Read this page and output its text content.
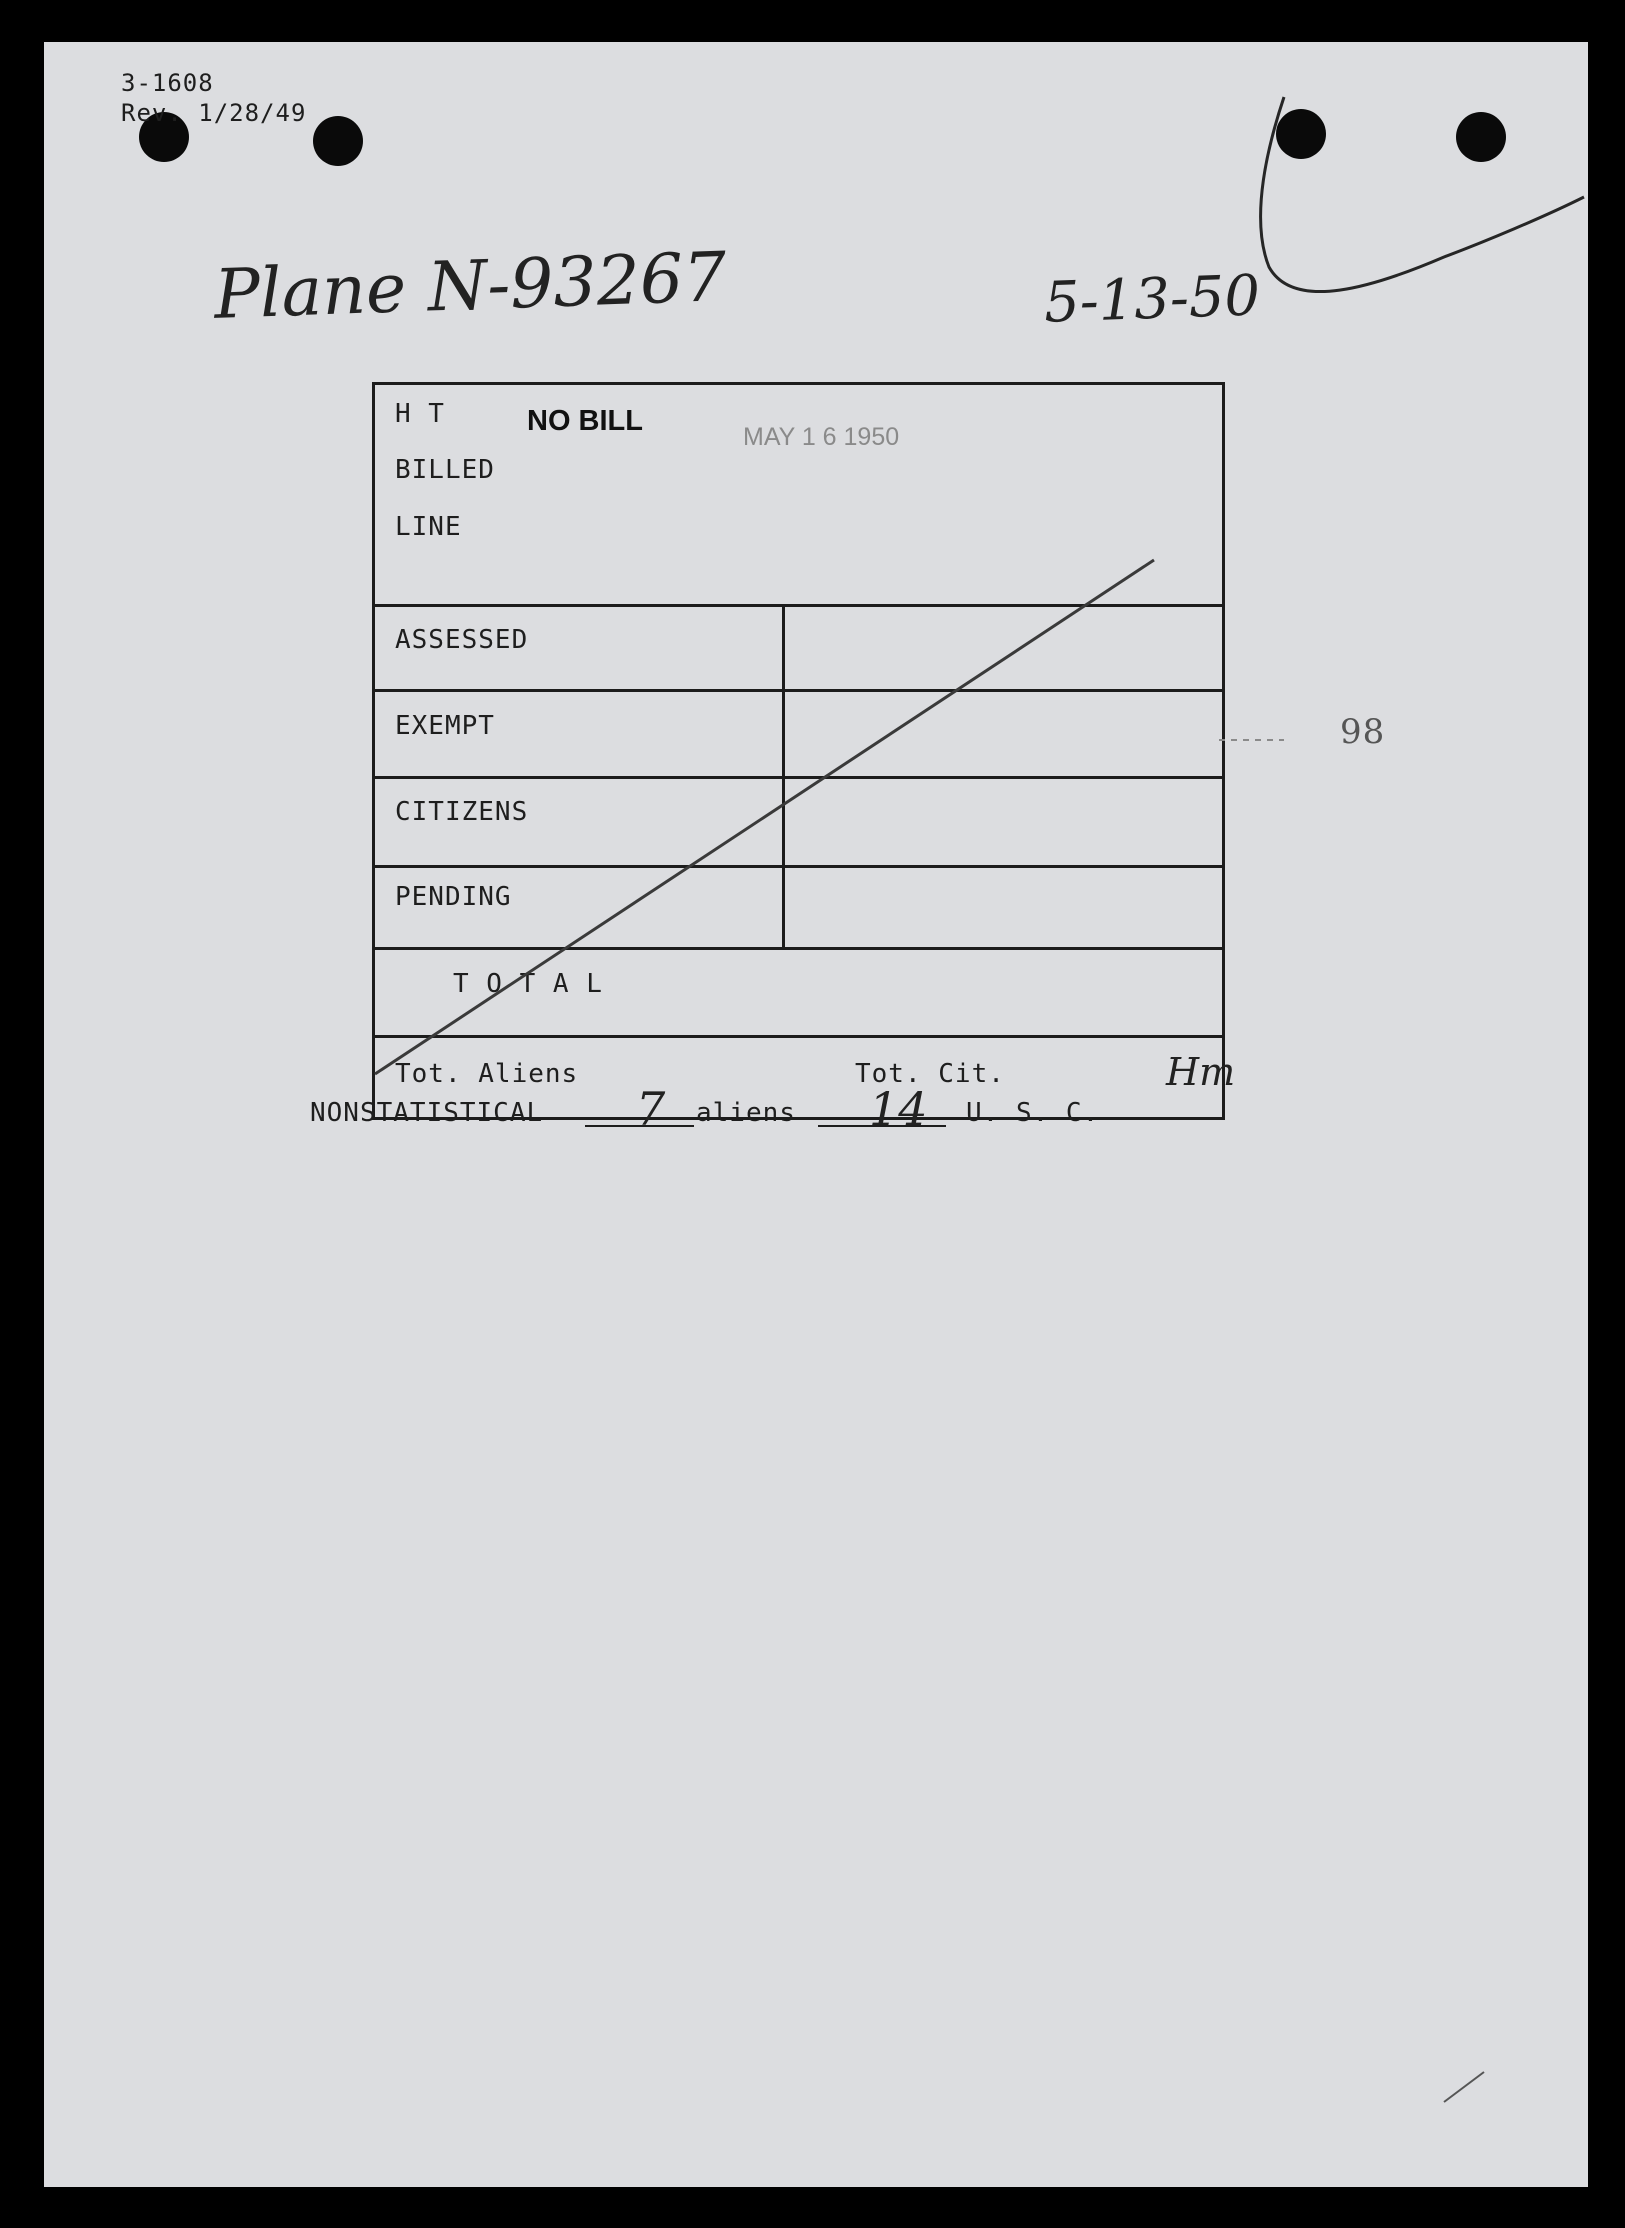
3-1608
Rev. 1/28/49
Plane N-93267	5-13-50
98
H T
BILLED
LINE
NO BILL	MAY 1 6 1950
ASSESSED
EXEMPT
CITIZENS
PENDING
T O T A L
Tot. Aliens	Tot. Cit.
NONSTATISTICAL 7 aliens 14 U. S. C.
Hm
